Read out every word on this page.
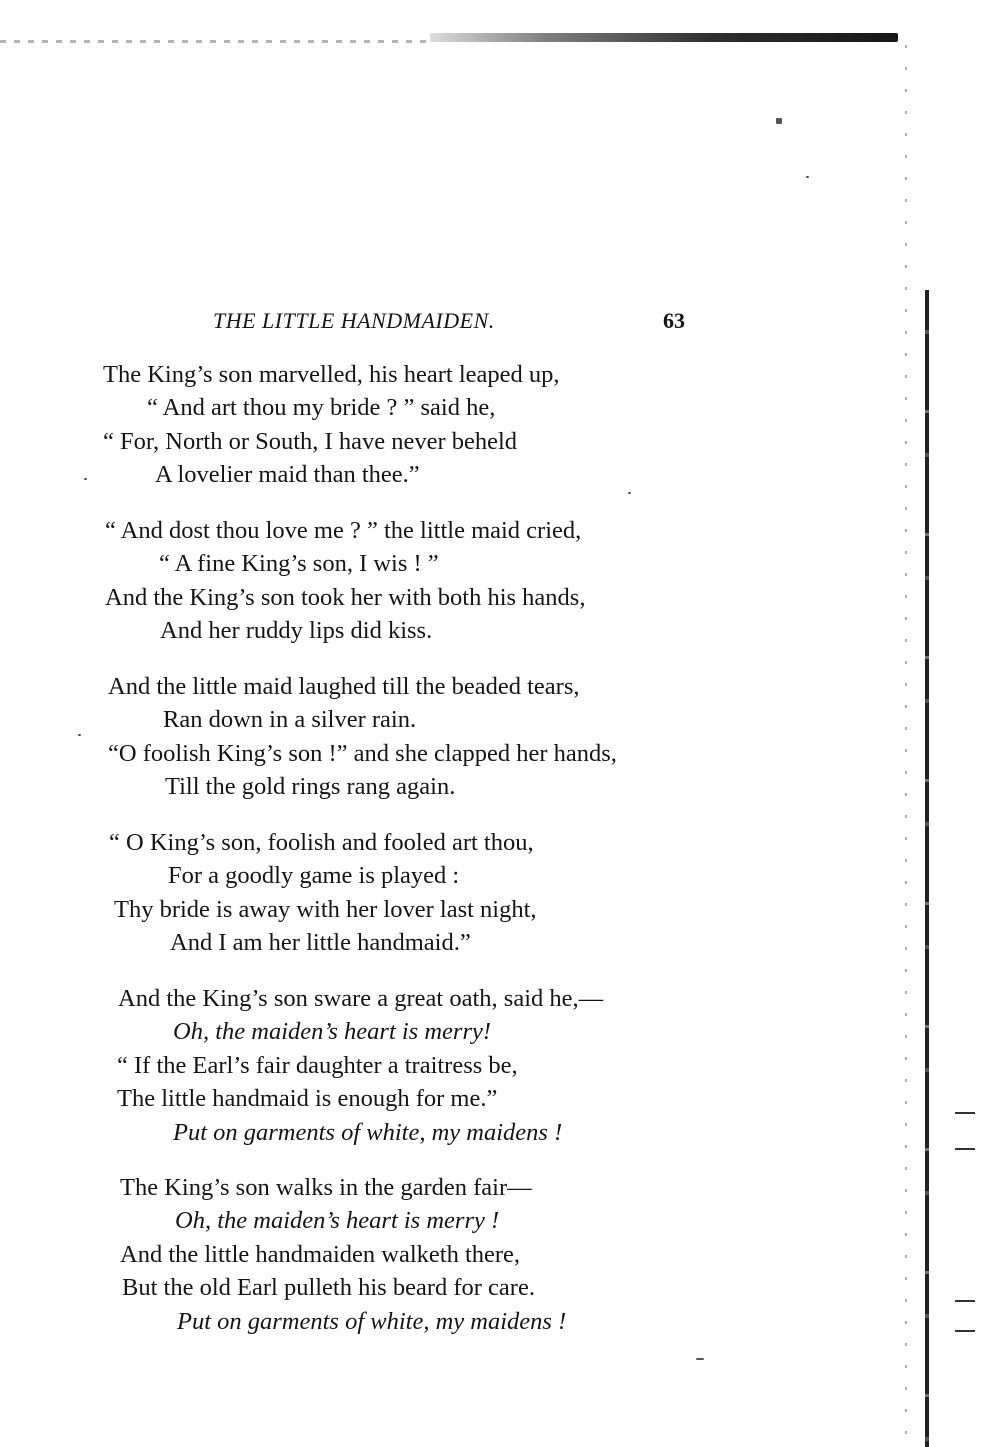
THE LITTLE HANDMAIDEN.	63
The King’s son marvelled, his heart leaped up,
“ And art thou my bride ? ” said he,
“ For, North or South, I have never beheld
A lovelier maid than thee.”
“ And dost thou love me ? ” the little maid cried,
“ A fine King’s son, I wis ! ”
And the King’s son took her with both his hands,
And her ruddy lips did kiss.
And the little maid laughed till the beaded tears,
Ran down in a silver rain.
“O foolish King’s son !” and she clapped her hands,
Till the gold rings rang again.
“ O King’s son, foolish and fooled art thou,
For a goodly game is played :
Thy bride is away with her lover last night,
And I am her little handmaid.”
And the King’s son sware a great oath, said he,—
Oh, the maiden’s heart is merry!
“ If the Earl’s fair daughter a traitress be,
The little handmaid is enough for me.”
Put on garments of white, my maidens !
The King’s son walks in the garden fair—
Oh, the maiden’s heart is merry !
And the little handmaiden walketh there,
But the old Earl pulleth his beard for care.
Put on garments of white, my maidens !
